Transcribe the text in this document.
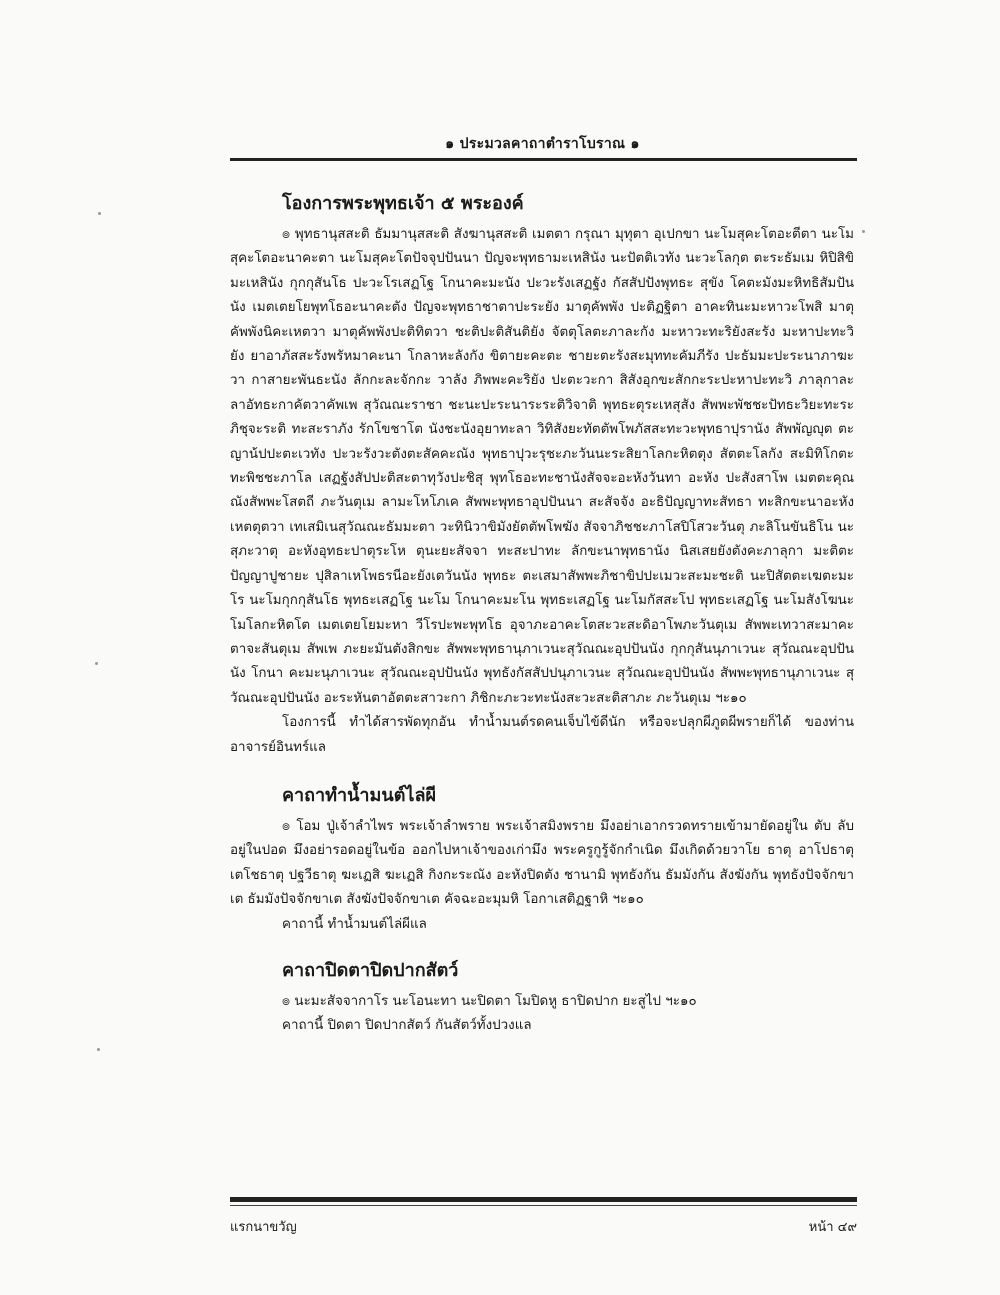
๑ ประมวลคาถาตำราโบราณ ๑
โองการพระพุทธเจ้า ๕ พระองค์

๏ พุทธานุสสะติ ธัมมานุสสะติ สังฆานุสสะติ เมตตา กรุณา มุทุตา อุเปกขา นะโมสุคะโตอะตีตา นะโมสุคะโตอะนาคะตา นะโมสุคะโตปัจจุปปันนา ปัญจะพุทธามะเหสินัง นะปัตติเวทัง นะวะโลกุต ตะระธัมเม หิปิสิขิ มะเหสินัง กุกกุสันโธ ปะวะโรเสฏโฐ โกนาคะมะนัง ปะวะรังเสฏฐัง กัสสัปปังพุทธะ สุขัง โคตะมังมะหิทธิสัมปันนัง เมตเตยโยพุทโธอะนาคะตัง ปัญจะพุทธาชาตาปะระยัง มาตุคัพพัง ปะติฏฐิตา อาคะทินะมะหาวะโพสิ มาตุคัพพังนิคะเหตวา มาตุคัพพังปะติทิตวา ชะติปะติสันติยัง จัตตุโลตะภาละกัง มะหาวะทะริยังสะรัง มะหาปะทะวิยัง ยาอาภัสสะรังพรัหมาคะนา โกลาหะลังกัง ขิตายะคะตะ ชายะตะรังสะมุททะคัมภีรัง ปะธัมมะปะระนาภาฆะวา กาสายะพันธะนัง ลักกะละจักกะ วาลัง ภิพพะคะริยัง ปะตะวะกา สิสังอุกขะสักกะระปะหาปะทะวิ ภาลุกาละลาอัทธะกาคัตวาคัพเพ สุวัณณะราชา ชะนะปะระนาระระติวิจาติ พุทธะตุระเหสุสัง สัพพะพัชชะปัทธะวิยะทะระภิชุจะระติ ทะสะราภัง รักโขชาโต นังชะนังอุยาทะลา วิทิสังยะทัตตัพโพภัสสะทะวะพุทธาปุรานัง สัพพัญญุต ตะญาน้ปปะตะเวทัง ปะวะรังวะตังตะสัคคะณัง พุทธาปุวะรุชะภะวันนะระสิยาโลกะหิตตุง สัตตะโลกัง สะมิทิโกตะทะพิชชะภาโล เสฏฐังสัปปะติสะตาทุวังปะชิสุ พุทโธอะทะชานังสัจจะอะหังวันทา อะหัง ปะสังสาโพ เมตตะคุณณังสัพพะโสตถี ภะวันตุเม ลามะโหโภเค สัพพะพุทธาอุปปันนา สะสัจจัง อะธิปัญญาทะสัทธา ทะสิกขะนาอะหังเหตตุตวา เทเสมิเนสุวัณณะธัมมะตา วะทินิวาขิมังยัตตัพโพฆัง สัจจาภิชชะภาโสปิโสวะวันตุ ภะลิโนขันธิโน นะสุภะวาตุ อะหังอุทธะปาตุระโห ตุนะยะสัจจา ทะสะปาทะ ลักขะนาพุทธานัง นิสเสยยังตังคะภาลุกา มะติตะปัญญาปูชายะ ปุสิลาเหโพธรนีอะยังเตวันนัง พุทธะ ตะเสมาสัพพะภิชาขิปปะเมวะสะมะชะติ นะปิสัตตะเฆตะมะโร นะโมกุกกุสันโธ พุทธะเสฏโฐ นะโม โกนาคะมะโน พุทธะเสฏโฐ นะโมกัสสะโป พุทธะเสฏโฐ นะโมสังโฆนะโมโลกะหิตโต เมตเตยโยมะหา วีโรปะพะพุทโธ อุจาภะอาคะโตสะวะสะดิอาโพภะวันตุเม สัพพะเทวาสะมาคะตาจะสันตุเม สัพเพ ภะยะมันตังสิกขะ สัพพะพุทธานุภาเวนะสุวัณณะอุปปันนัง กุกกุสันนุภาเวนะ สุวัณณะอุปปันนัง โกนา คะมะนุภาเวนะ สุวัณณะอุปปันนัง พุทธังกัสสัปปนุภาเวนะ สุวัณณะอุปปันนัง สัพพะพุทธานุภาเวนะ สุวัณณะอุปปันนัง อะระหันตาอัตตะสาวะกา ภิชิกะภะวะทะนังสะวะสะติสาภะ ภะวันตุเม ฯะ๑๐

โองการนี้ ทำได้สารพัดทุกอัน ทำน้ำมนต์รดคนเจ็บไข้ดีนัก หรือจะปลุกผีภูตผีพรายก็ได้ ของท่านอาจารย์อินทร์แล

คาถาทำน้ำมนต์ไล่ผี

๏ โอม ปู่เจ้าลำไพร พระเจ้าลำพราย พระเจ้าสมิงพราย มึงอย่าเอากรวดทรายเข้ามายัดอยู่ใน ตับ ลับอยู่ในปอด มึงอย่ารอดอยู่ในข้อ ออกไปหาเจ้าของเก่ามึง พระครูกูรู้จักกำเนิด มึงเกิดด้วยวาโย ธาตุ อาโปธาตุ เตโชธาตุ ปฐวีธาตุ ฆะเฏสิ ฆะเฏสิ กิงกะระณัง อะหังปิดตัง ชานามิ พุทธังกัน ธัมมังกัน สังฆังกัน พุทธังปัจจักขาเต ธัมมังปัจจักขาเต สังฆังปัจจักขาเต คัจฉะอะมุมหิ โอกาเสติฏฐาหิ ฯะ๑๐

คาถานี้ ทำน้ำมนต์ไล่ผีแล

คาถาปิดตาปิดปากสัตว์

๏ นะมะสัจจากาโร นะโอนะทา นะปิดตา โมปิดหู ธาปิดปาก ยะสูไป ฯะ๑๐

คาถานี้ ปิดตา ปิดปากสัตว์ กันสัตว์ทั้งปวงแล

แรกนาขวัญ	หน้า ๔๙
